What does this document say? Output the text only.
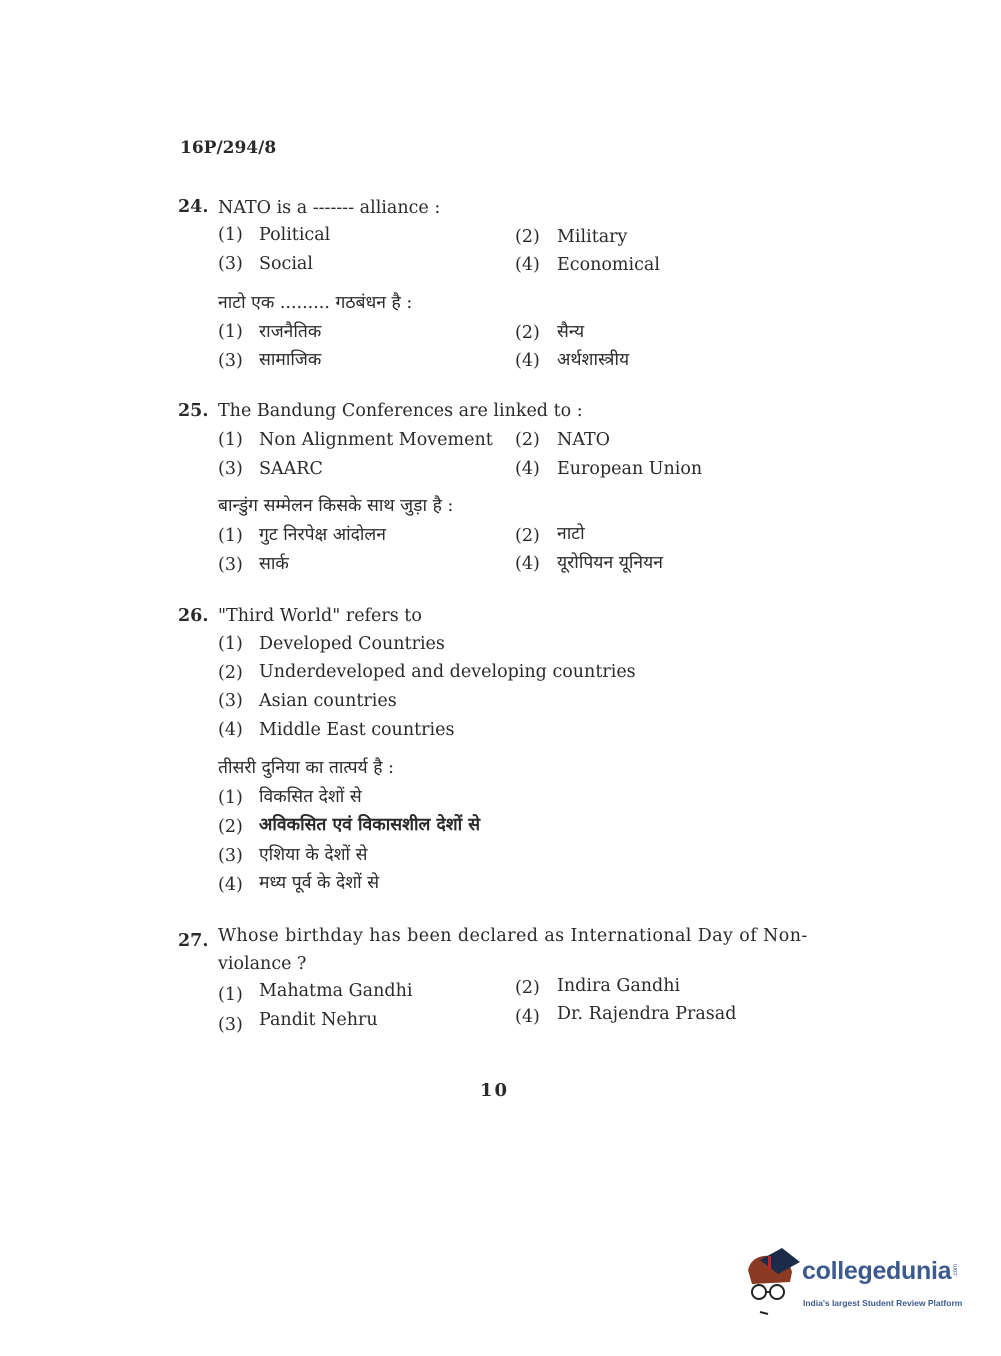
16P/294/8
24. NATO is a ------- alliance :
(1) Political	(2) Military
(3) Social	(4) Economical
नाटो एक ......... गठबंधन है :
(1) राजनैतिक	(2) सैन्य
(3) सामाजिक	(4) अर्थशास्त्रीय
25. The Bandung Conferences are linked to :
(1) Non Alignment Movement (2) NATO
(3) SAARC	(4) European Union
बान्डुंग सम्मेलन किसके साथ जुड़ा है :
(1) गुट निरपेक्ष आंदोलन	(2) नाटो
(3) सार्क	(4) यूरोपियन यूनियन
26. "Third World" refers to
(1) Developed Countries
(2) Underdeveloped and developing countries
(3) Asian countries
(4) Middle East countries
तीसरी दुनिया का तात्पर्य है :
(1) विकसित देशों से
(2) अविकसित एवं विकासशील देशों से
(3) एशिया के देशों से
(4) मध्य पूर्व के देशों से
27. Whose birthday has been declared as International Day of Non-
violance ?
(1) Mahatma Gandhi	(2) Indira Gandhi
(3) Pandit Nehru	(4) Dr. Rajendra Prasad
10
collegedunia .com
India's largest Student Review Platform
